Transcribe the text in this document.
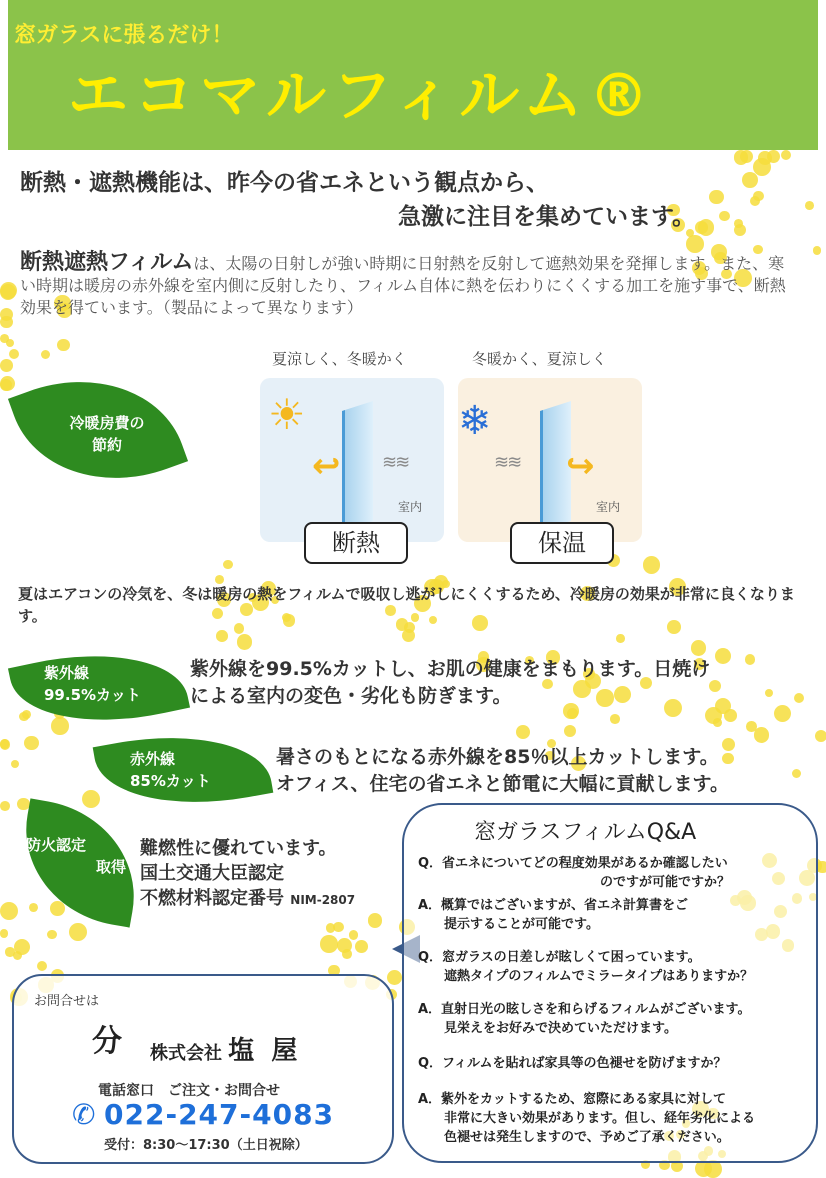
窓ガラスに張るだけ！
エコマルフィルム®
断熱・遮熱機能は、昨今の省エネという観点から、
急激に注目を集めています。
断熱遮熱フィルムは、太陽の日射しが強い時期に日射熱を反射して遮熱効果を発揮します。また、寒い時期は暖房の赤外線を室内側に反射したり、フィルム自体に熱を伝わりにくくする加工を施す事で、断熱効果を得ています。（製品によって異なります）
冷暖房費の
節約
夏涼しく、冬暖かく
☀
↩ ≋≋
室内
断熱
冬暖かく、夏涼しく
❄
≋≋ ↪
室内
保温
夏はエアコンの冷気を、冬は暖房の熱をフィルムで吸収し逃がしにくくするため、冷暖房の効果が非常に良くなります。
紫外線
99.5%カット
紫外線を99.5%カットし、お肌の健康をまもります。日焼け
による室内の変色・劣化も防ぎます。
赤外線
85%カット
暑さのもとになる赤外線を85％以上カットします。
オフィス、住宅の省エネと節電に大幅に貢献します。
防火認定
取得
難燃性に優れています。
国土交通大臣認定
不燃材料認定番号 NIM-2807
窓ガラスフィルムQ&A
Q．省エネについてどの程度効果があるか確認したい
　　　　　　　　　　　　　　のですが可能ですか？
A．概算ではございますが、省エネ計算書をご
　　提示することが可能です。
Q．窓ガラスの日差しが眩しくて困っています。
　　遮熱タイプのフィルムでミラータイプはありますか？
A．直射日光の眩しさを和らげるフィルムがございます。
　　見栄えをお好みで決めていただけます。
Q．フィルムを貼れば家具等の色褪せを防げますか？
A．紫外をカットするため、窓際にある家具に対して
　　非常に大きい効果があります。但し、経年劣化による
　　色褪せは発生しますので、予めご了承ください。
お問合せは
分 株式会社 塩 屋
電話窓口　ご注文・お問合せ
✆ 022-247-4083
受付：8:30〜17:30（土日祝除）
